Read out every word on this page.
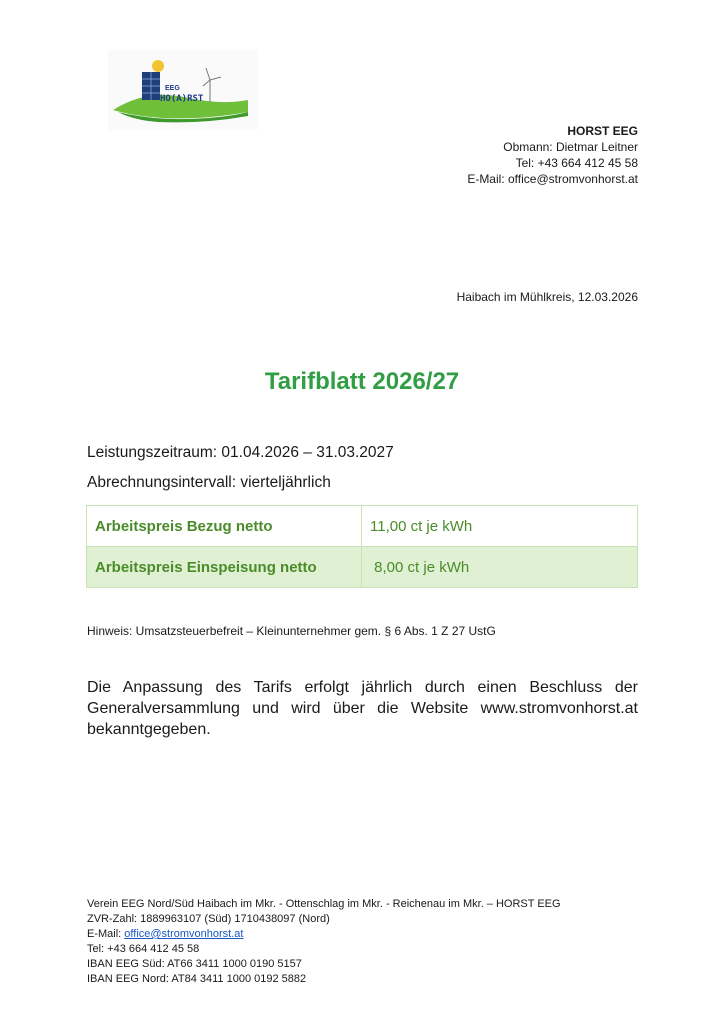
EEG
HO(A)RST
HORST EEG
Obmann: Dietmar Leitner
Tel: +43 664 412 45 58
E-Mail: office@stromvonhorst.at
Haibach im Mühlkreis, 12.03.2026
Tarifblatt 2026/27
Leistungszeitraum: 01.04.2026 – 31.03.2027
Abrechnungsintervall: vierteljährlich
Arbeitspreis Bezug netto	11,00 ct je kWh
Arbeitspreis Einspeisung netto	8,00 ct je kWh
Hinweis: Umsatzsteuerbefreit – Kleinunternehmer gem. § 6 Abs. 1 Z 27 UstG
Die Anpassung des Tarifs erfolgt jährlich durch einen Beschluss der Generalversammlung und wird über die Website www.stromvonhorst.at bekanntgegeben.
Verein EEG Nord/Süd Haibach im Mkr. - Ottenschlag im Mkr. - Reichenau im Mkr. – HORST EEG
ZVR-Zahl: 1889963107 (Süd) 1710438097 (Nord)
E-Mail: office@stromvonhorst.at
Tel: +43 664 412 45 58
IBAN EEG Süd: AT66 3411 1000 0190 5157
IBAN EEG Nord: AT84 3411 1000 0192 5882
